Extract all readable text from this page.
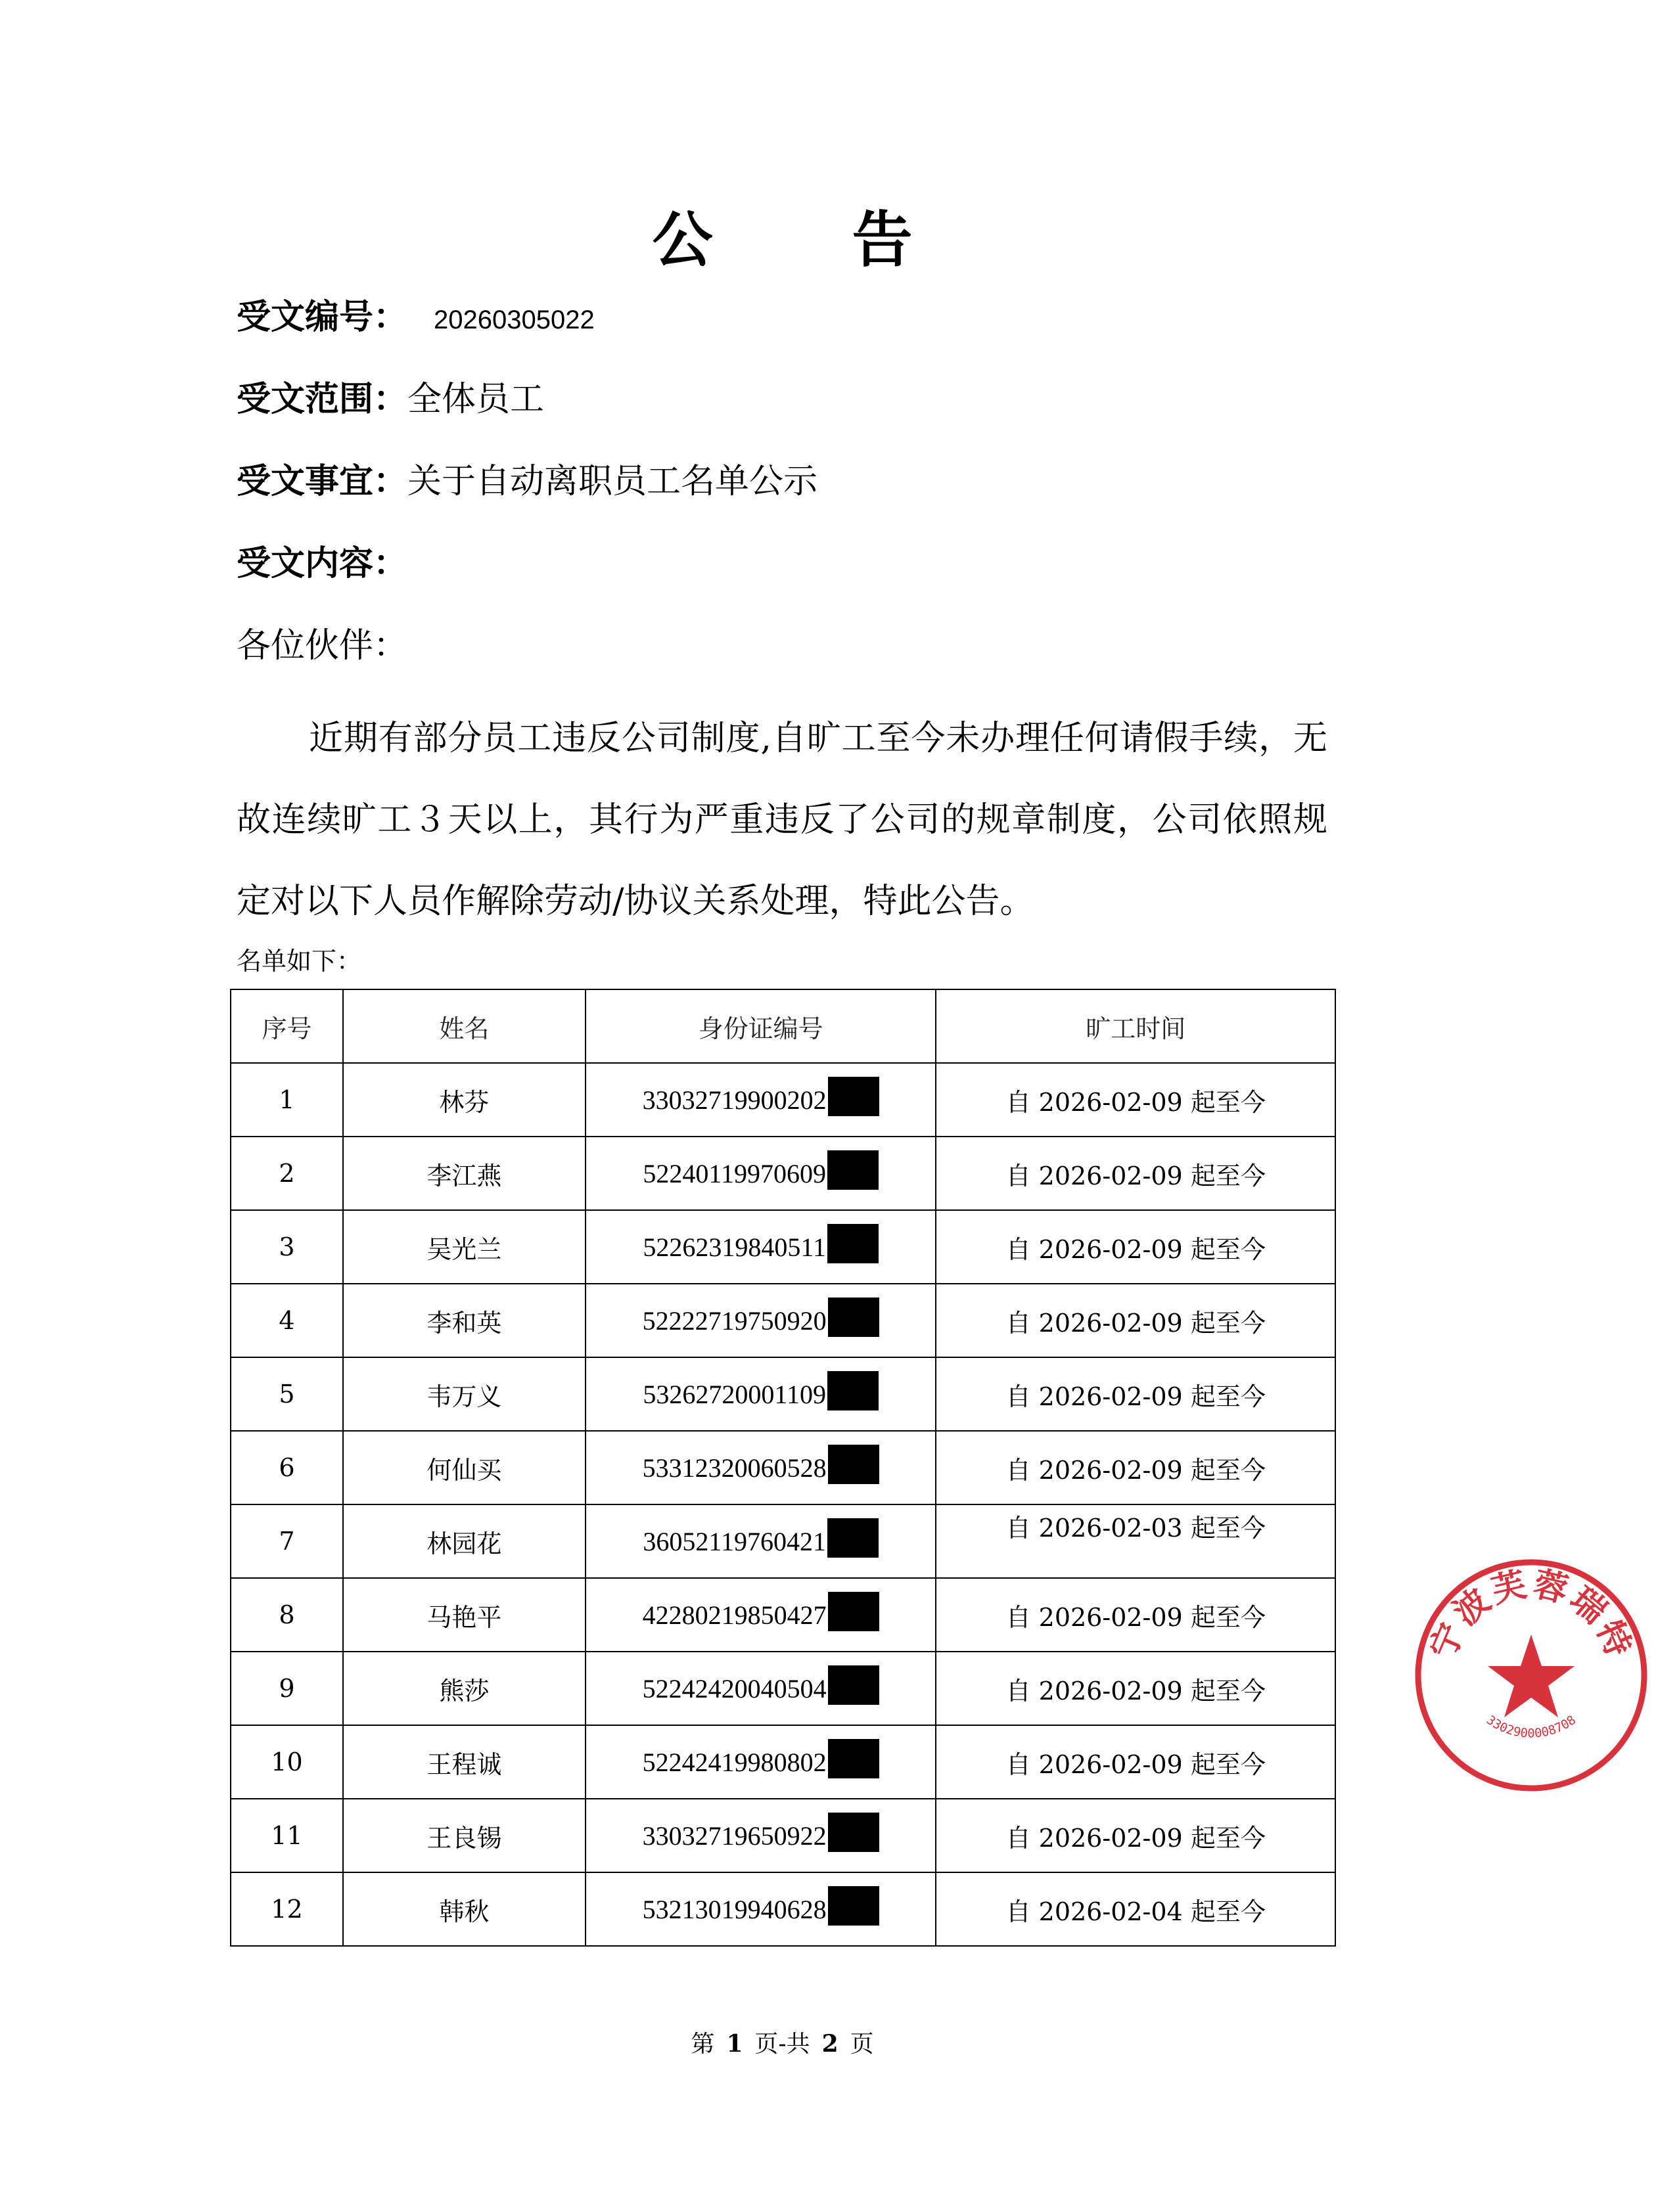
公 告
受文编号： 20260305022
受文范围：全体员工
受文事宜：关于自动离职员工名单公示
受文内容：
各位伙伴：
近期有部分员工违反公司制度,自旷工至今未办理任何请假手续，无故连续旷工３天以上，其行为严重违反了公司的规章制度，公司依照规定对以下人员作解除劳动/协议关系处理，特此公告。
名单如下：
序号	姓名	身份证编号	旷工时间
1	林芬	33032719900202	自 2026-02-09 起至今
2	李江燕	52240119970609	自 2026-02-09 起至今
3	吴光兰	52262319840511	自 2026-02-09 起至今
4	李和英	52222719750920	自 2026-02-09 起至今
5	韦万义	53262720001109	自 2026-02-09 起至今
6	何仙买	53312320060528	自 2026-02-09 起至今
7	林园花	36052119760421	自 2026-02-03 起至今
8	马艳平	42280219850427	自 2026-02-09 起至今
9	熊莎	52242420040504	自 2026-02-09 起至今
10	王程诚	52242419980802	自 2026-02-09 起至今
11	王良锡	33032719650922	自 2026-02-09 起至今
12	韩秋	53213019940628	自 2026-02-04 起至今
第 1 页-共 2 页
宁波芙蓉瑞特
3302900008708
